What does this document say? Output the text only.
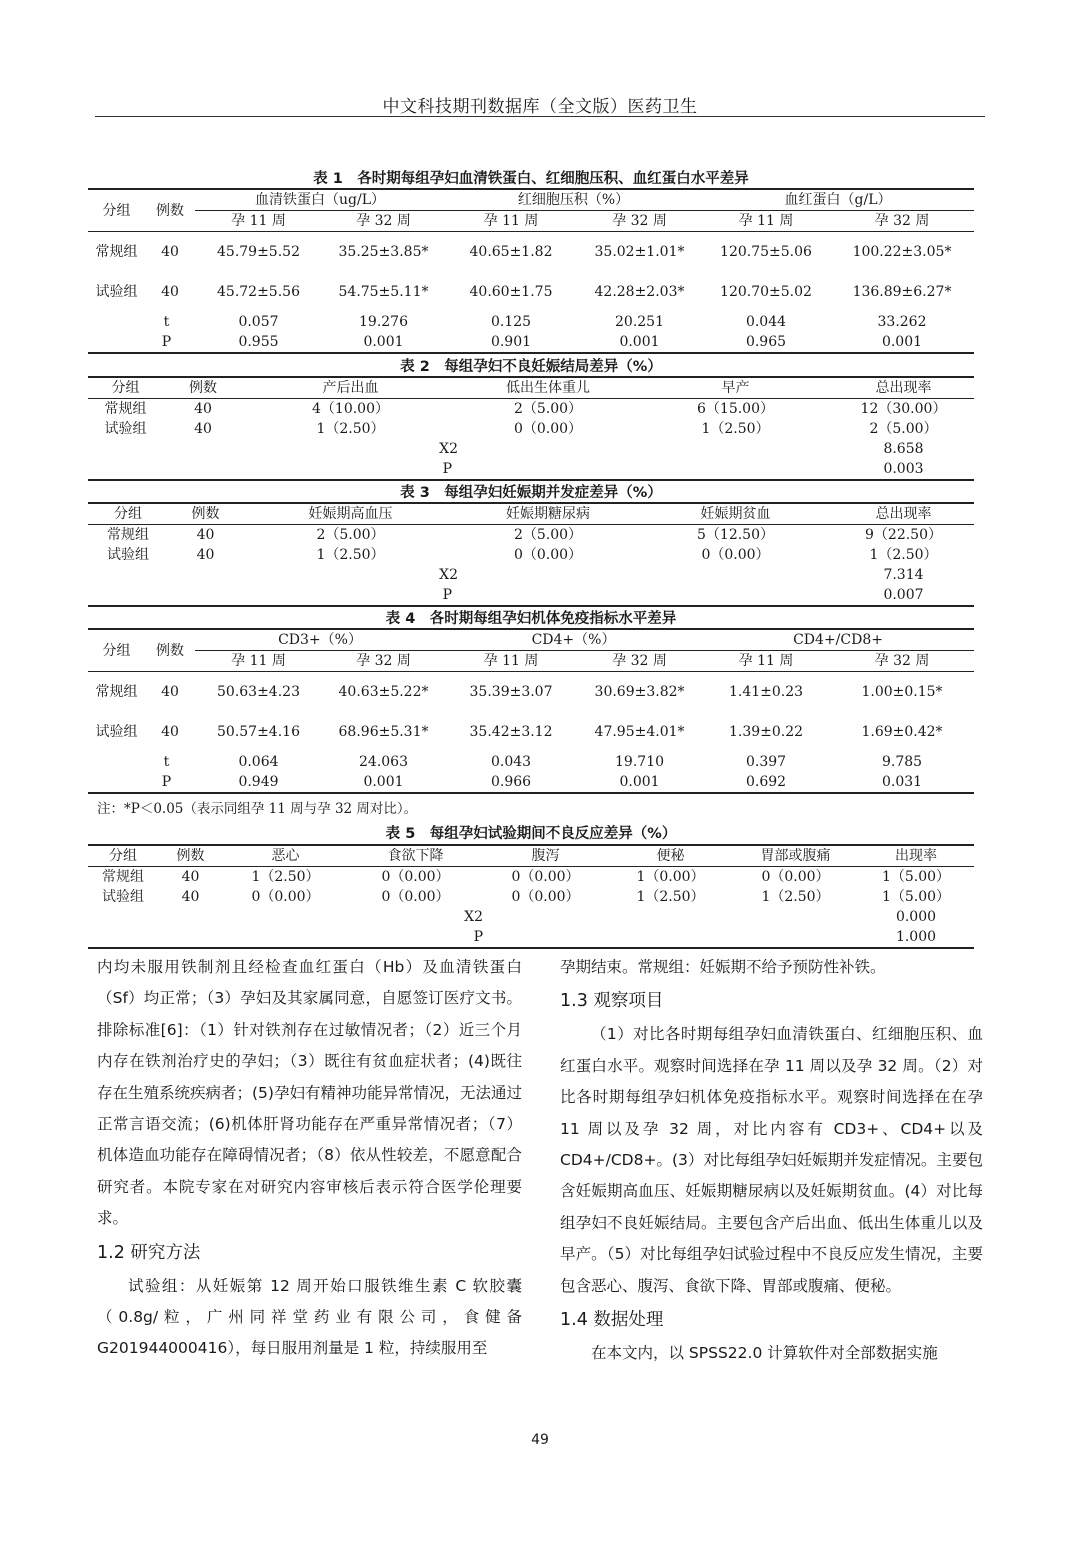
中文科技期刊数据库（全文版）医药卫生
表 1　各时期每组孕妇血清铁蛋白、红细胞压积、血红蛋白水平差异
分组	例数	血清铁蛋白（ug/L）		红细胞压积（%）		血红蛋白（g/L）	
		孕 11 周	孕 32 周	孕 11 周	孕 32 周	孕 11 周	孕 32 周
常规组	40	45.79±5.52	35.25±3.85*	40.65±1.82	35.02±1.01*	120.75±5.06	100.22±3.05*
试验组	40	45.72±5.56	54.75±5.11*	40.60±1.75	42.28±2.03*	120.70±5.02	136.89±6.27*
t		0.057	19.276	0.125	20.251	0.044	33.262
P		0.955	0.001	0.901	0.001	0.965	0.001
表 2　每组孕妇不良妊娠结局差异（%）
分组	例数	产后出血	低出生体重儿	早产	总出现率
常规组	40	4（10.00）	2（5.00）	6（15.00）	12（30.00）
试验组	40	1（2.50）	0（0.00）	1（2.50）	2（5.00）
X2					8.658
P					0.003
表 3　每组孕妇妊娠期并发症差异（%）
分组	例数	妊娠期高血压	妊娠期糖尿病	妊娠期贫血	总出现率
常规组	40	2（5.00）	2（5.00）	5（12.50）	9（22.50）
试验组	40	1（2.50）	0（0.00）	0（0.00）	1（2.50）
X2					7.314
P					0.007
表 4　各时期每组孕妇机体免疫指标水平差异
分组	例数	CD3+（%）		CD4+（%）		CD4+/CD8+	
		孕 11 周	孕 32 周	孕 11 周	孕 32 周	孕 11 周	孕 32 周
常规组	40	50.63±4.23	40.63±5.22*	35.39±3.07	30.69±3.82*	1.41±0.23	1.00±0.15*
试验组	40	50.57±4.16	68.96±5.31*	35.42±3.12	47.95±4.01*	1.39±0.22	1.69±0.42*
t		0.064	24.063	0.043	19.710	0.397	9.785
P		0.949	0.001	0.966	0.001	0.692	0.031
注：*P＜0.05（表示同组孕 11 周与孕 32 周对比）。
表 5　每组孕妇试验期间不良反应差异（%）
分组	例数	恶心	食欲下降	腹泻	便秘	胃部或腹痛	出现率
常规组	40	1（2.50）	0（0.00）	0（0.00）	1（0.00）	0（0.00）	1（5.00）
试验组	40	0（0.00）	0（0.00）	0（0.00）	1（2.50）	1（2.50）	1（5.00）
X2							0.000
P							1.000

内均未服用铁制剂且经检查血红蛋白（Hb）及血清铁蛋白（Sf）均正常；（3）孕妇及其家属同意，自愿签订医疗文书。排除标准[6]：（1）针对铁剂存在过敏情况者；（2）近三个月内存在铁剂治疗史的孕妇；（3）既往有贫血症状者；(4)既往存在生殖系统疾病者；(5)孕妇有精神功能异常情况，无法通过正常言语交流；(6)机体肝肾功能存在严重异常情况者；（7）机体造血功能存在障碍情况者；（8）依从性较差，不愿意配合研究者。本院专家在对研究内容审核后表示符合医学伦理要求。

1.2 研究方法

试验组：从妊娠第 12 周开始口服铁维生素 C 软胶囊（0.8g/粒，广州同祥堂药业有限公司，食健备G201944000416），每日服用剂量是 1 粒，持续服用至

孕期结束。常规组：妊娠期不给予预防性补铁。

1.3 观察项目

（1）对比各时期每组孕妇血清铁蛋白、红细胞压积、血红蛋白水平。观察时间选择在孕 11 周以及孕 32 周。（2）对比各时期每组孕妇机体免疫指标水平。观察时间选择在在孕 11 周以及孕 32 周，对比内容有 CD3+、CD4+以及 CD4+/CD8+。(3）对比每组孕妇妊娠期并发症情况。主要包含妊娠期高血压、妊娠期糖尿病以及妊娠期贫血。(4）对比每组孕妇不良妊娠结局。主要包含产后出血、低出生体重儿以及早产。（5）对比每组孕妇试验过程中不良反应发生情况，主要包含恶心、腹泻、食欲下降、胃部或腹痛、便秘。

1.4 数据处理

在本文内，以 SPSS22.0 计算软件对全部数据实施

49
